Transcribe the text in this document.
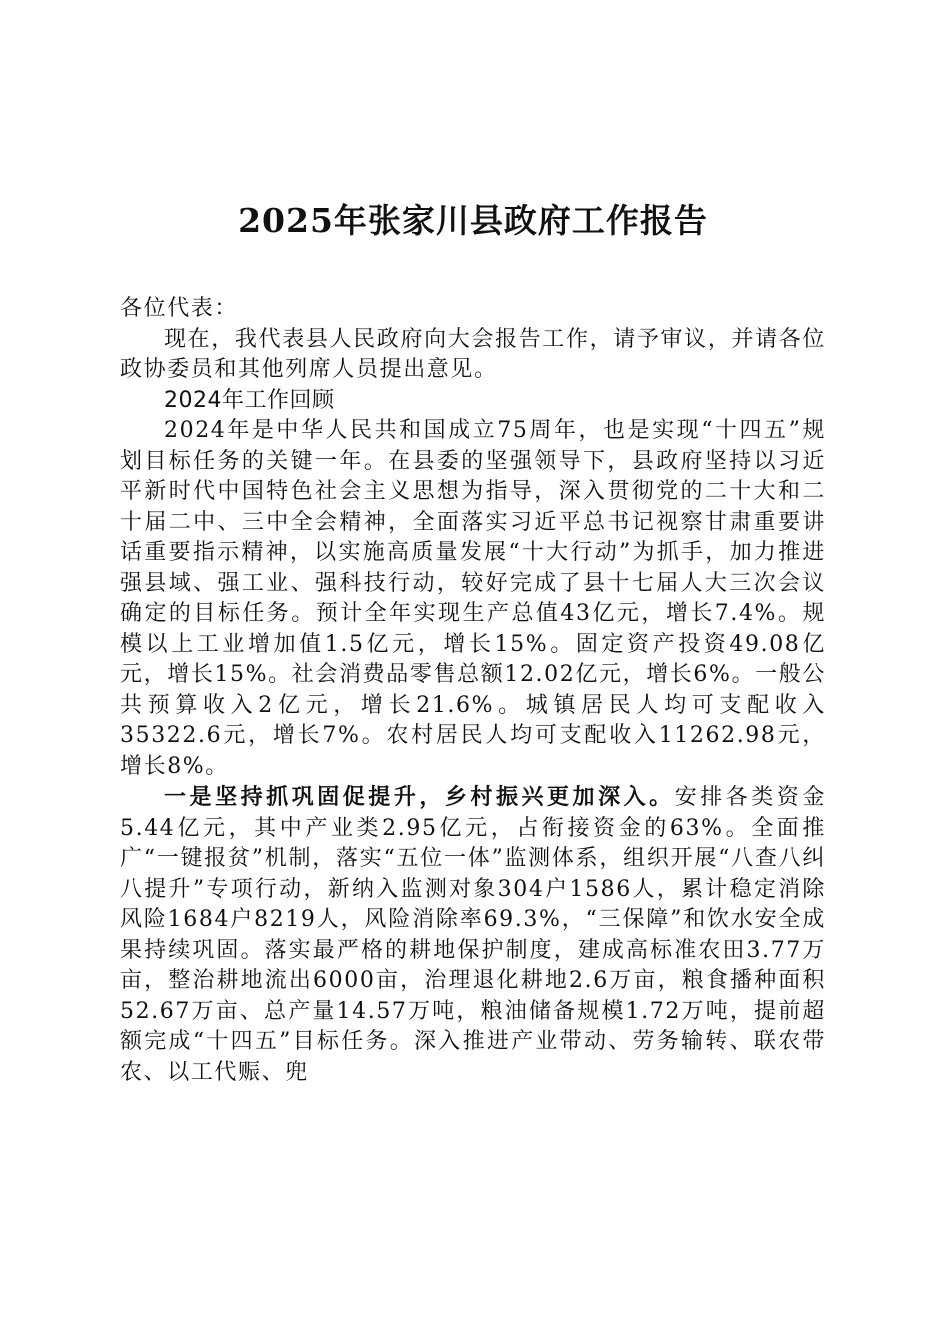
2025年张家川县政府工作报告

各位代表：

现在，我代表县人民政府向大会报告工作，请予审议，并请各位政协委员和其他列席人员提出意见。

2024年工作回顾

2024年是中华人民共和国成立75周年，也是实现“十四五”规划目标任务的关键一年。在县委的坚强领导下，县政府坚持以习近平新时代中国特色社会主义思想为指导，深入贯彻党的二十大和二十届二中、三中全会精神，全面落实习近平总书记视察甘肃重要讲话重要指示精神，以实施高质量发展“十大行动”为抓手，加力推进强县域、强工业、强科技行动，较好完成了县十七届人大三次会议确定的目标任务。预计全年实现生产总值43亿元，增长7.4%。规模以上工业增加值1.5亿元，增长15%。固定资产投资49.08亿元，增长15%。社会消费品零售总额12.02亿元，增长6%。一般公共预算收入2亿元，增长21.6%。城镇居民人均可支配收入35322.6元，增长7%。农村居民人均可支配收入11262.98元，增长8%。

一是坚持抓巩固促提升，乡村振兴更加深入。安排各类资金5.44亿元，其中产业类2.95亿元，占衔接资金的63%。全面推广“一键报贫”机制，落实“五位一体”监测体系，组织开展“八查八纠八提升”专项行动，新纳入监测对象304户1586人，累计稳定消除风险1684户8219人，风险消除率69.3%，“三保障”和饮水安全成果持续巩固。落实最严格的耕地保护制度，建成高标准农田3.77万亩，整治耕地流出6000亩，治理退化耕地2.6万亩，粮食播种面积52.67万亩、总产量14.57万吨，粮油储备规模1.72万吨，提前超额完成“十四五”目标任务。深入推进产业带动、劳务输转、联农带农、以工代赈、兜
